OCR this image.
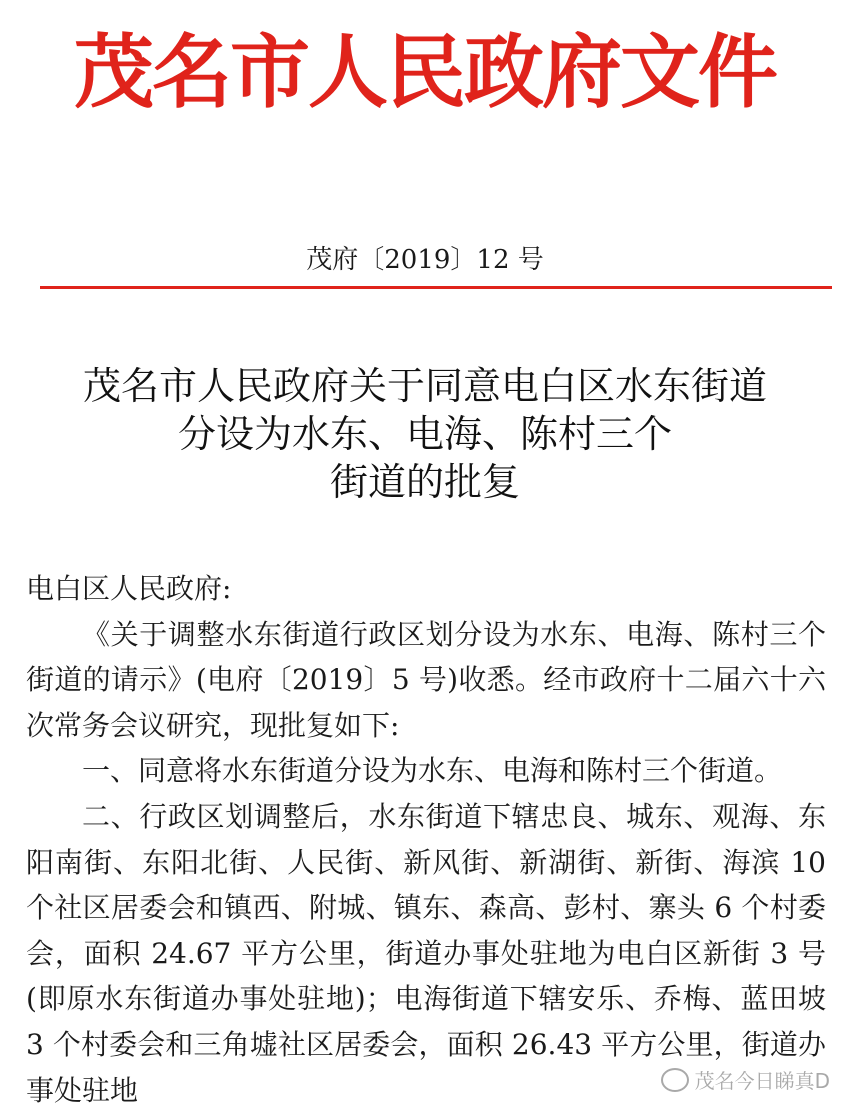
茂名市人民政府文件
茂府〔2019〕12 号
茂名市人民政府关于同意电白区水东街道
分设为水东、电海、陈村三个
街道的批复

电白区人民政府:

《关于调整水东街道行政区划分设为水东、电海、陈村三个街道的请示》(电府〔2019〕5 号)收悉。经市政府十二届六十六次常务会议研究，现批复如下:

一、同意将水东街道分设为水东、电海和陈村三个街道。

二、行政区划调整后，水东街道下辖忠良、城东、观海、东阳南街、东阳北街、人民街、新风街、新湖街、新街、海滨 10 个社区居委会和镇西、附城、镇东、森高、彭村、寨头 6 个村委会，面积 24.67 平方公里，街道办事处驻地为电白区新街 3 号(即原水东街道办事处驻地)；电海街道下辖安乐、乔梅、蓝田坡 3 个村委会和三角墟社区居委会，面积 26.43 平方公里，街道办事处驻地	茂名今日睇真D
